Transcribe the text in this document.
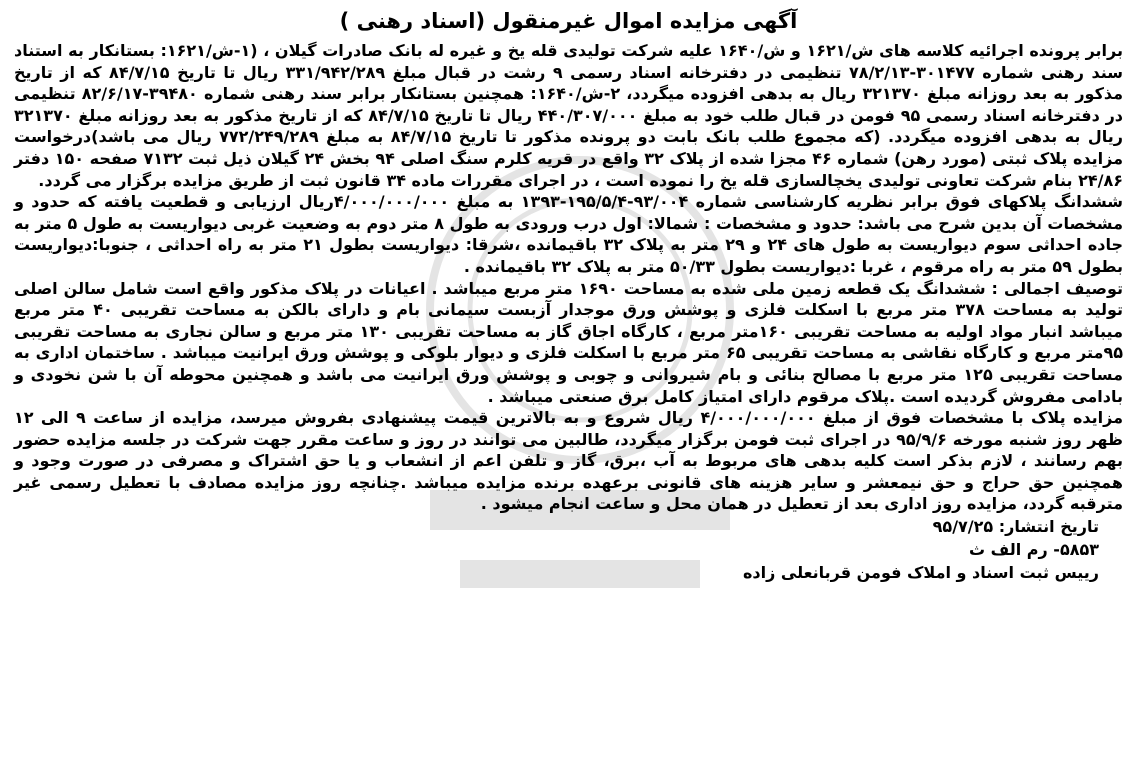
آگهی مزایده اموال غیرمنقول (اسناد رهنی )

برابر پرونده اجرائیه کلاسه های ش/۱۶۲۱ و ش/۱۶۴۰ علیه شرکت تولیدی قله یخ و غیره له بانک صادرات گیلان ، (۱-ش/۱۶۲۱: بستانکار به استناد سند رهنی شماره ۳۰۱۴۷۷-۷۸/۲/۱۳ تنظیمی در دفترخانه اسناد رسمی ۹ رشت در قبال مبلغ ۳۳۱/۹۴۲/۲۸۹ ریال تا تاریخ ۸۴/۷/۱۵ که از تاریخ مذکور به بعد روزانه مبلغ ۳۲۱۳۷۰ ریال به بدهی افزوده میگردد، ۲-ش/۱۶۴۰: همچنین بستانکار برابر سند رهنی شماره ۳۹۴۸۰-۸۲/۶/۱۷ تنظیمی در دفترخانه اسناد رسمی ۹۵ فومن در قبال طلب خود به مبلغ ۴۴۰/۳۰۷/۰۰۰ ریال تا تاریخ ۸۴/۷/۱۵ که از تاریخ مذکور به بعد روزانه مبلغ ۳۲۱۳۷۰ ریال به بدهی افزوده میگردد. (که مجموع طلب بانک بابت دو پرونده مذکور تا تاریخ ۸۴/۷/۱۵ به مبلغ ۷۷۲/۲۴۹/۲۸۹ ریال می باشد)درخواست مزایده پلاک ثبتی (مورد رهن) شماره ۴۶ مجزا شده از پلاک ۳۲ واقع در قریه کلرم سنگ اصلی ۹۴ بخش ۲۴ گیلان ذیل ثبت ۷۱۳۲ صفحه ۱۵۰ دفتر ۲۴/۸۶ بنام شرکت تعاونی تولیدی یخچالسازی قله یخ را نموده است ، در اجرای مقررات ماده ۳۴ قانون ثبت از طریق مزایده برگزار می گردد.

ششدانگ پلاکهای فوق برابر نظریه کارشناسی شماره ۹۳/۰۰۴-۱۹۵/۵/۴-۱۳۹۳ به مبلغ ۴/۰۰۰/۰۰۰/۰۰۰ریال ارزیابی و قطعیت یافته که حدود و مشخصات آن بدین شرح می باشد: حدود و مشخصات : شمالا: اول درب ورودی به طول ۸ متر دوم به وضعیت غربی دیواریست به طول ۵ متر به جاده احداثی سوم دیواریست به طول های ۲۴ و ۲۹ متر به پلاک ۳۲ باقیمانده ،شرقا: دیواریست بطول ۲۱ متر به راه احداثی ، جنوبا:دیواریست بطول ۵۹ متر به راه مرقوم ، غربا :دیواریست بطول ۵۰/۳۳ متر به پلاک ۳۲ باقیمانده .

توصیف اجمالی : ششدانگ یک قطعه زمین ملی شده به مساحت ۱۶۹۰ متر مربع میباشد . اعیانات در پلاک مذکور واقع است شامل سالن اصلی تولید به مساحت ۳۷۸ متر مربع با اسکلت فلزی و پوشش ورق موجدار آزبست سیمانی بام و دارای بالکن به مساحت تقریبی ۴۰ متر مربع میباشد انبار مواد اولیه به مساحت تقریبی ۱۶۰متر مربع ، کارگاه اجاق گاز به مساحت تقریبی ۱۳۰ متر مربع و سالن نجاری به مساحت تقریبی ۹۵متر مربع و کارگاه نقاشی به مساحت تقریبی ۶۵ متر مربع با اسکلت فلزی و دیوار بلوکی و پوشش ورق ایرانیت میباشد . ساختمان اداری به مساحت تقریبی ۱۲۵ متر مربع با مصالح بنائی و بام شیروانی و چوبی و پوشش ورق ایرانیت می باشد و همچنین محوطه آن با شن نخودی و بادامی مفروش گردیده است .پلاک مرقوم دارای امتیاز کامل برق صنعتی میباشد .

مزایده پلاک با مشخصات فوق از مبلغ ۴/۰۰۰/۰۰۰/۰۰۰ ریال شروع و به بالاترین قیمت پیشنهادی بفروش میرسد، مزایده از ساعت ۹ الی ۱۲ ظهر روز شنبه مورخه ۹۵/۹/۶ در اجرای ثبت فومن برگزار میگردد، طالبین می توانند در روز و ساعت مقرر جهت شرکت در جلسه مزایده حضور بهم رسانند ، لازم بذکر است کلیه بدهی های مربوط به آب ،برق، گاز و تلفن اعم از انشعاب و یا حق اشتراک و مصرفی در صورت وجود و همچنین حق حراج و حق نیمعشر و سایر هزینه های قانونی برعهده برنده مزایده میباشد .چنانچه روز مزایده مصادف با تعطیل رسمی غیر مترقبه گردد، مزایده روز اداری بعد از تعطیل در همان محل و ساعت انجام میشود .

تاریخ انتشار: ۹۵/۷/۲۵

۵۸۵۳- رم الف ث

رییس ثبت اسناد و املاک فومن قربانعلی زاده
